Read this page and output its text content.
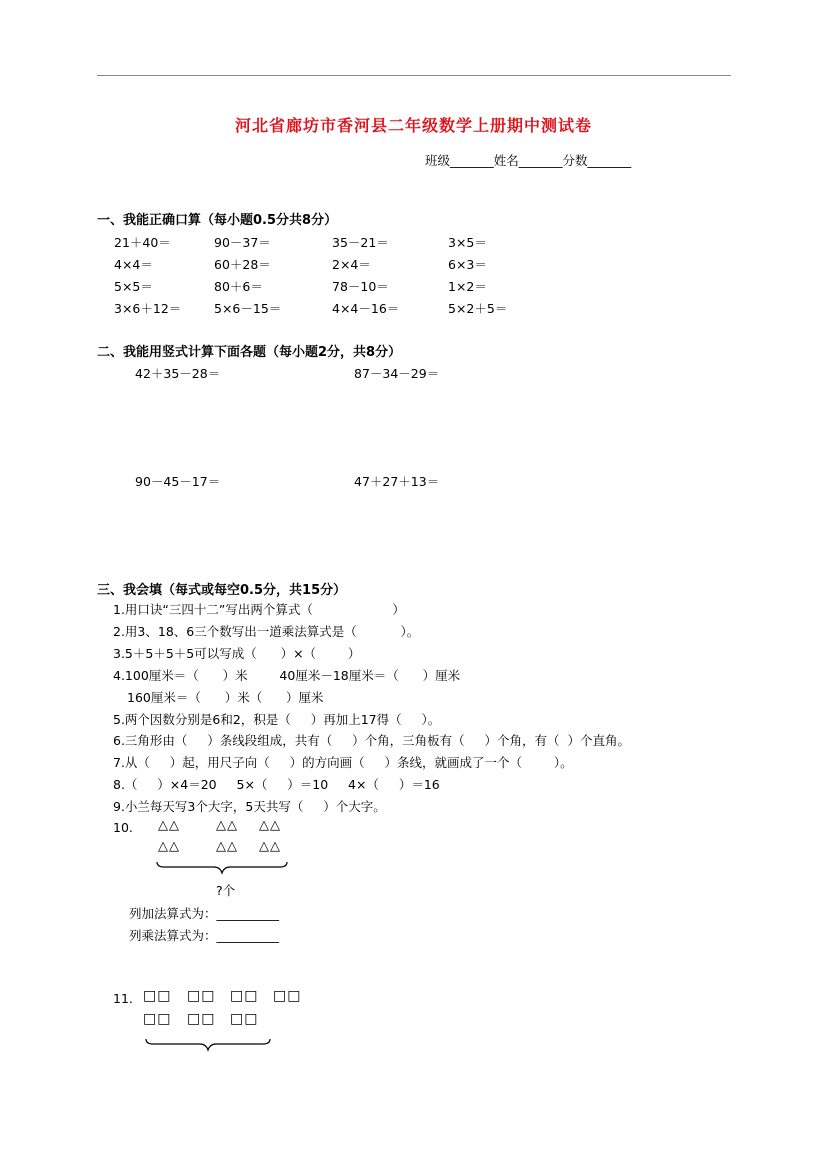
河北省廊坊市香河县二年级数学上册期中测试卷
班级_______姓名_______分数_______
一、我能正确口算（每小题0.5分共8分）
21＋40＝	90－37＝	35－21＝	3×5＝
4×4＝	60＋28＝	2×4＝	6×3＝
5×5＝	80＋6＝	78－10＝	1×2＝
3×6＋12＝	5×6－15＝	4×4－16＝	5×2＋5＝
二、我能用竖式计算下面各题（每小题2分，共8分）
42＋35－28＝	87－34－29＝
90－45－17＝	47＋27＋13＝
三、我会填（每式或每空0.5分，共15分）
1.用口诀“三四十二”写出两个算式（                    ）
2.用3、18、6三个数写出一道乘法算式是（           ）。
3.5＋5＋5＋5可以写成（      ）×（        ）
4.100厘米＝（      ）米        40厘米－18厘米＝（      ）厘米
160厘米＝（      ）米（      ）厘米
5.两个因数分别是6和2，积是（     ）再加上17得（     ）。
6.三角形由（     ）条线段组成，共有（     ）个角，三角板有（     ）个角，有（  ）个直角。
7.从（     ）起，用尺子向（     ）的方向画（     ）条线，就画成了一个（        ）。
8.（     ）×4＝20     5×（     ）＝10     4×（     ）＝16
9.小兰每天写3个大字，5天共写（     ）个大字。
10. △△	△△ △△
△△	△△ △△
?个
列加法算式为：__________
列乘法算式为：__________
11. □□ □□ □□ □□
□□ □□ □□
